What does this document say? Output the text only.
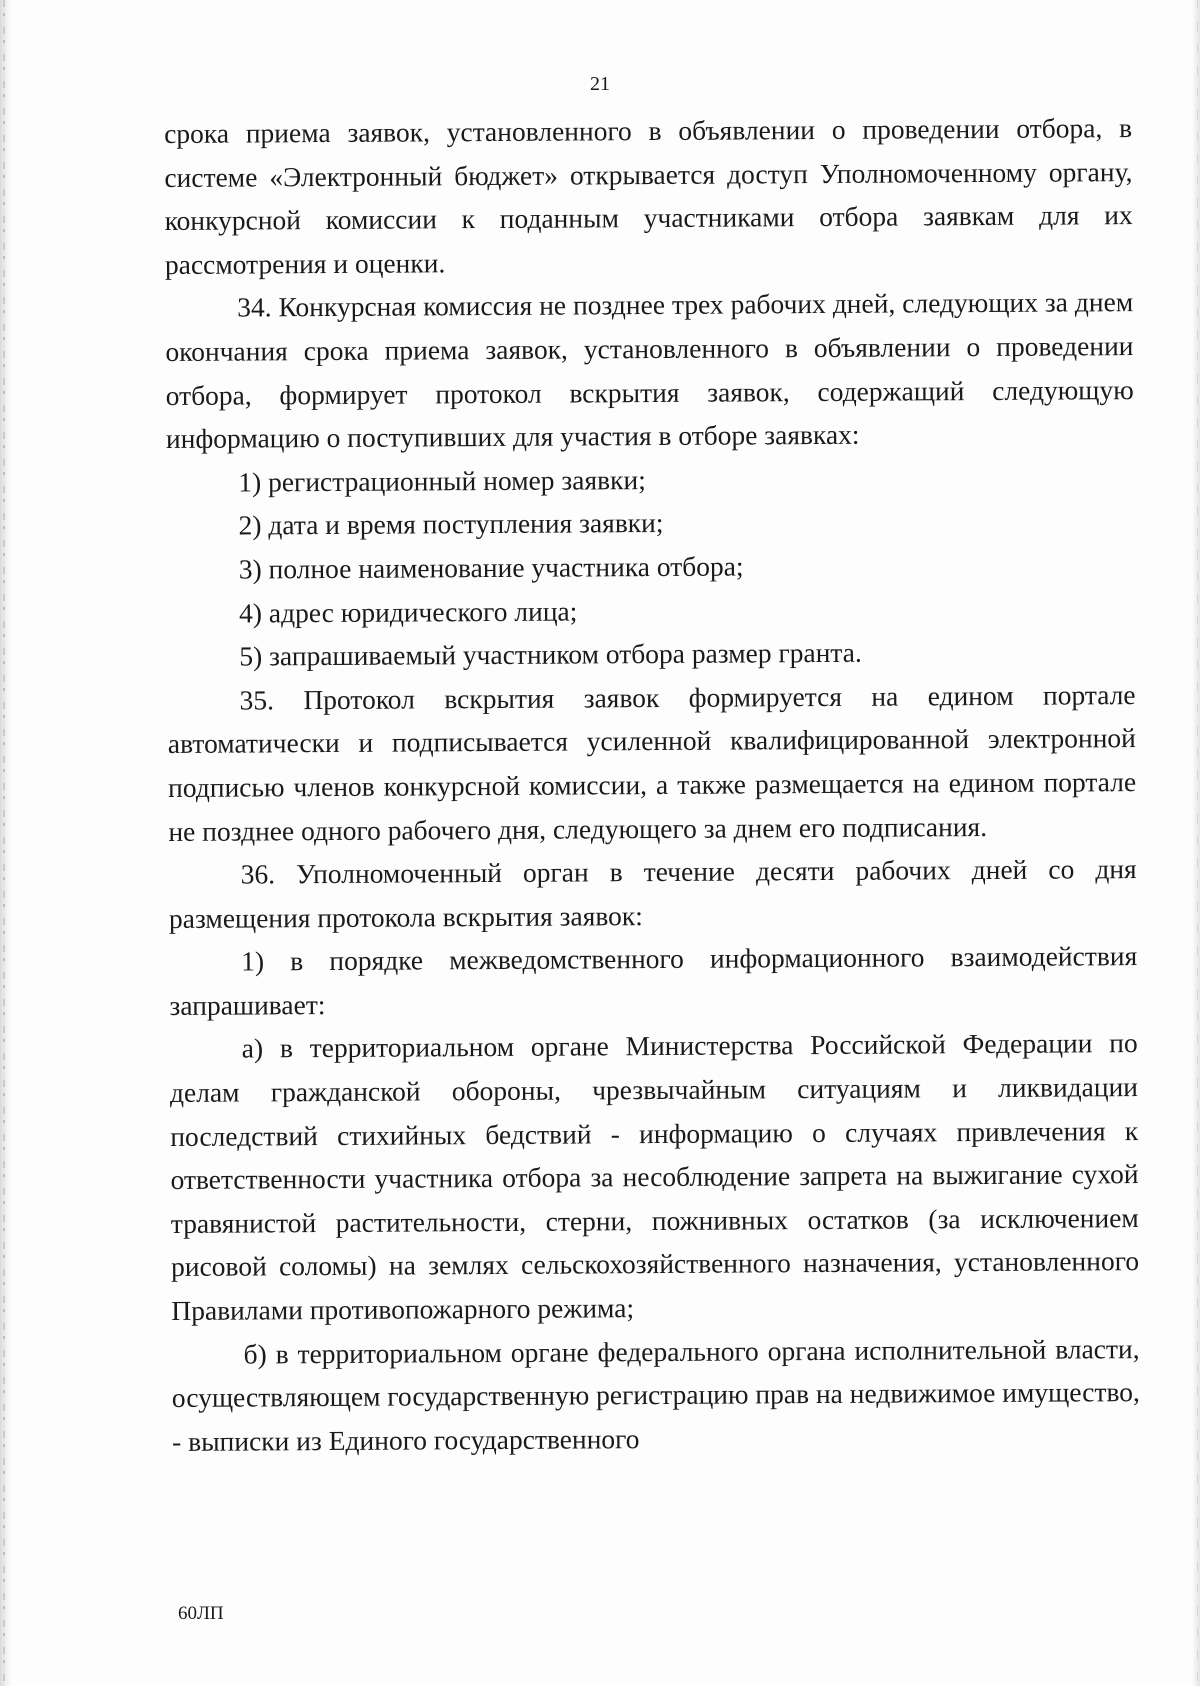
21

срока приема заявок, установленного в объявлении о проведении отбора, в системе «Электронный бюджет» открывается доступ Уполномоченному органу, конкурсной комиссии к поданным участниками отбора заявкам для их рассмотрения и оценки.

34. Конкурсная комиссия не позднее трех рабочих дней, следующих за днем окончания срока приема заявок, установленного в объявлении о проведении отбора, формирует протокол вскрытия заявок, содержащий следующую информацию о поступивших для участия в отборе заявках:

1) регистрационный номер заявки;

2) дата и время поступления заявки;

3) полное наименование участника отбора;

4) адрес юридического лица;

5) запрашиваемый участником отбора размер гранта.

35. Протокол вскрытия заявок формируется на едином портале автоматически и подписывается усиленной квалифицированной электронной подписью членов конкурсной комиссии, а также размещается на едином портале не позднее одного рабочего дня, следующего за днем его подписания.

36. Уполномоченный орган в течение десяти рабочих дней со дня размещения протокола вскрытия заявок:

1) в порядке межведомственного информационного взаимодействия запрашивает:

а) в территориальном органе Министерства Российской Федерации по делам гражданской обороны, чрезвычайным ситуациям и ликвидации последствий стихийных бедствий - информацию о случаях привлечения к ответственности участника отбора за несоблюдение запрета на выжигание сухой травянистой растительности, стерни, пожнивных остатков (за исключением рисовой соломы) на землях сельскохозяйственного назначения, установленного Правилами противопожарного режима;

б) в территориальном органе федерального органа исполнительной власти, осуществляющем государственную регистрацию прав на недвижимое имущество, - выписки из Единого государственного

60ЛП
